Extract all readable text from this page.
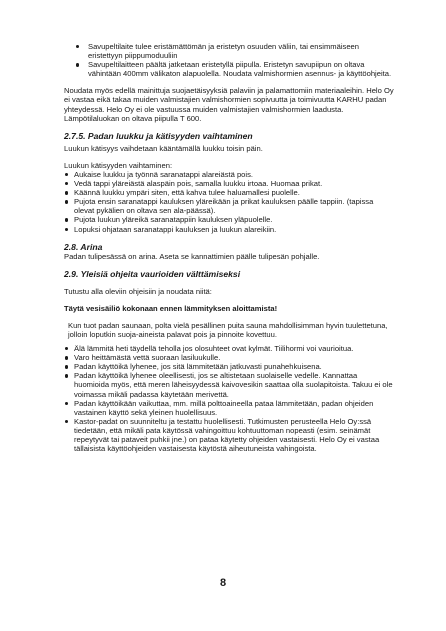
Savupeltilaite tulee eristämättömän ja eristetyn osuuden väliin, tai ensimmäiseen eristettyyn piippumoduuliin
Savupeltilaitteen päältä jatketaan eristetyllä piipulla. Eristetyn savupiipun on oltava vähintään 400mm välikaton alapuolella. Noudata valmishormien asennus- ja käyttöohjeita.

Noudata myös edellä mainittuja suojaetäisyyksiä palaviin ja palamattomiin materiaaleihin. Helo Oy ei vastaa eikä takaa muiden valmistajien valmishormien sopivuutta ja toimivuutta KARHU padan yhteydessä. Helo Oy ei ole vastuussa muiden valmistajien valmishormien laadusta. Lämpötilaluokan on oltava piipulla T 600.

2.7.5. Padan luukku ja kätisyyden vaihtaminen

Luukun kätisyys vaihdetaan kääntämällä luukku toisin päin.

Luukun kätisyyden vaihtaminen:

Aukaise luukku ja työnnä saranatappi alareiästä pois.
Vedä tappi yläreiästä alaspäin pois, samalla luukku irtoaa. Huomaa prikat.
Käännä luukku ympäri siten, että kahva tulee haluamallesi puolelle.
Pujota ensin saranatappi kauluksen yläreikään ja prikat kauluksen päälle tappiin. (tapissa olevat pykälien on oltava sen ala-päässä).
Pujota luukun yläreikä saranatappiin kauluksen yläpuolelle.
Lopuksi ohjataan saranatappi kauluksen ja luukun alareikiin.
2.8. Arina

Padan tulipesässä on arina. Aseta se kannattimien päälle tulipesän pohjalle.

2.9. Yleisiä ohjeita vaurioiden välttämiseksi

Tutustu alla oleviin ohjeisiin ja noudata niitä:

Täytä vesisäiliö kokonaan ennen lämmityksen aloittamista!

Kun tuot padan saunaan, polta vielä pesällinen puita sauna mahdollisimman hyvin tuulettetuna, jolloin loputkin suoja-aineista palavat pois ja pinnoite kovettuu.

Älä lämmitä heti täydellä teholla jos olosuhteet ovat kylmät. Tiilihormi voi vaurioitua.
Varo heittämästä vettä suoraan lasiluukulle.
Padan käyttöikä lyhenee, jos sitä lämmitetään jatkuvasti punahehkuisena.
Padan käyttöikä lyhenee oleellisesti, jos se altistetaan suolaiselle vedelle. Kannattaa huomioida myös, että meren läheisyydessä kaivovesikin saattaa olla suolapitoista. Takuu ei ole voimassa mikäli padassa käytetään merivettä.
Padan käyttöikään vaikuttaa, mm. millä polttoaineella pataa lämmitetään, padan ohjeiden vastainen käyttö sekä yleinen huolellisuus.
Kastor-padat on suunniteltu ja testattu huolellisesti. Tutkimusten perusteella Helo Oy:ssä tiedetään, että mikäli pata käytössä vahingoittuu kohtuuttoman nopeasti (esim. seinämät repeytyvät tai pataveit puhkii jne.) on pataa käytetty ohjeiden vastaisesti. Helo Oy ei vastaa tällaisista käyttöohjeiden vastaisesta käytöstä aiheutuneista vahingoista.
8
